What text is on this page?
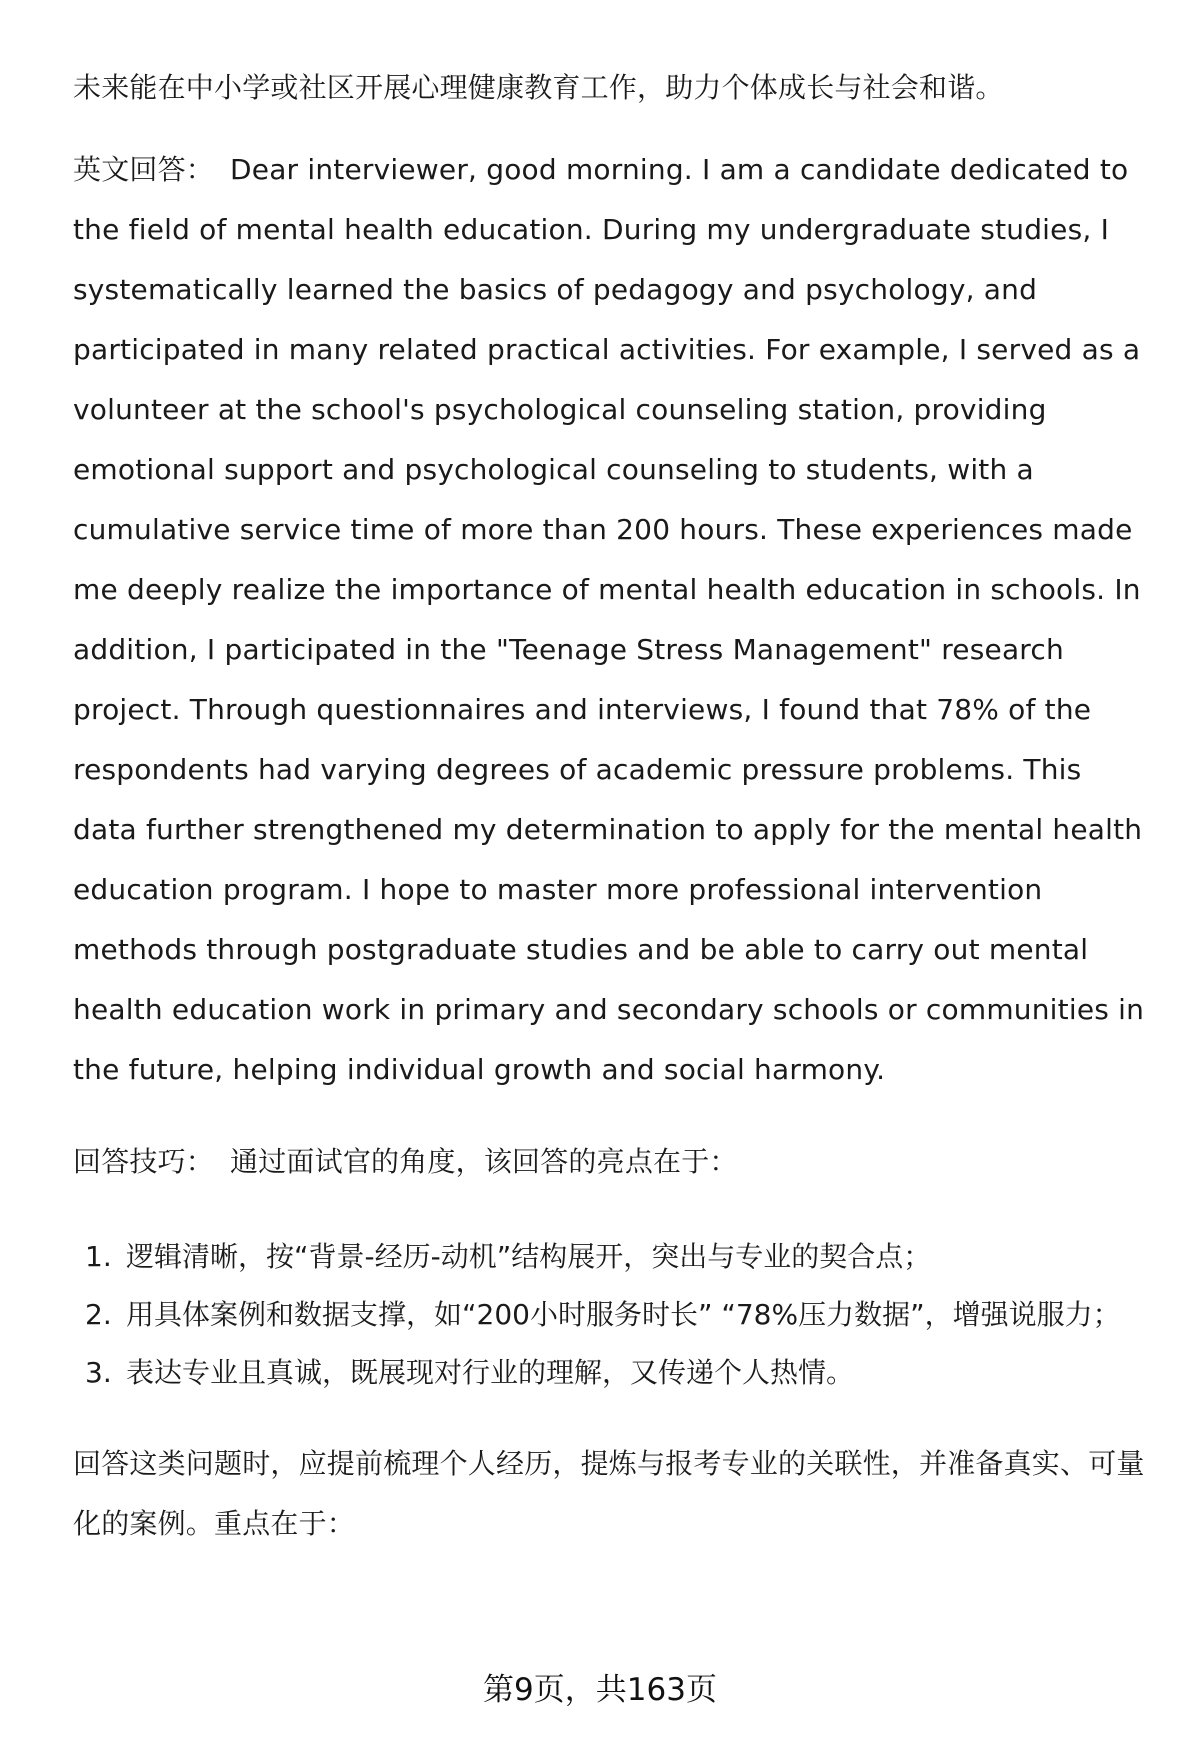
未来能在中小学或社区开展心理健康教育工作，助力个体成长与社会和谐。

英文回答： Dear interviewer, good morning. I am a candidate dedicated to the field of mental health education. During my undergraduate studies, I systematically learned the basics of pedagogy and psychology, and participated in many related practical activities. For example, I served as a volunteer at the school's psychological counseling station, providing emotional support and psychological counseling to students, with a cumulative service time of more than 200 hours. These experiences made me deeply realize the importance of mental health education in schools. In addition, I participated in the "Teenage Stress Management" research project. Through questionnaires and interviews, I found that 78% of the respondents had varying degrees of academic pressure problems. This data further strengthened my determination to apply for the mental health education program. I hope to master more professional intervention methods through postgraduate studies and be able to carry out mental health education work in primary and secondary schools or communities in the future, helping individual growth and social harmony.

回答技巧： 通过面试官的角度，该回答的亮点在于：

1. 逻辑清晰，按“背景-经历-动机”结构展开，突出与专业的契合点；
2. 用具体案例和数据支撑，如“200小时服务时长” “78%压力数据”，增强说服力；
3. 表达专业且真诚，既展现对行业的理解，又传递个人热情。

回答这类问题时，应提前梳理个人经历，提炼与报考专业的关联性，并准备真实、可量化的案例。重点在于：

第9页，共163页
